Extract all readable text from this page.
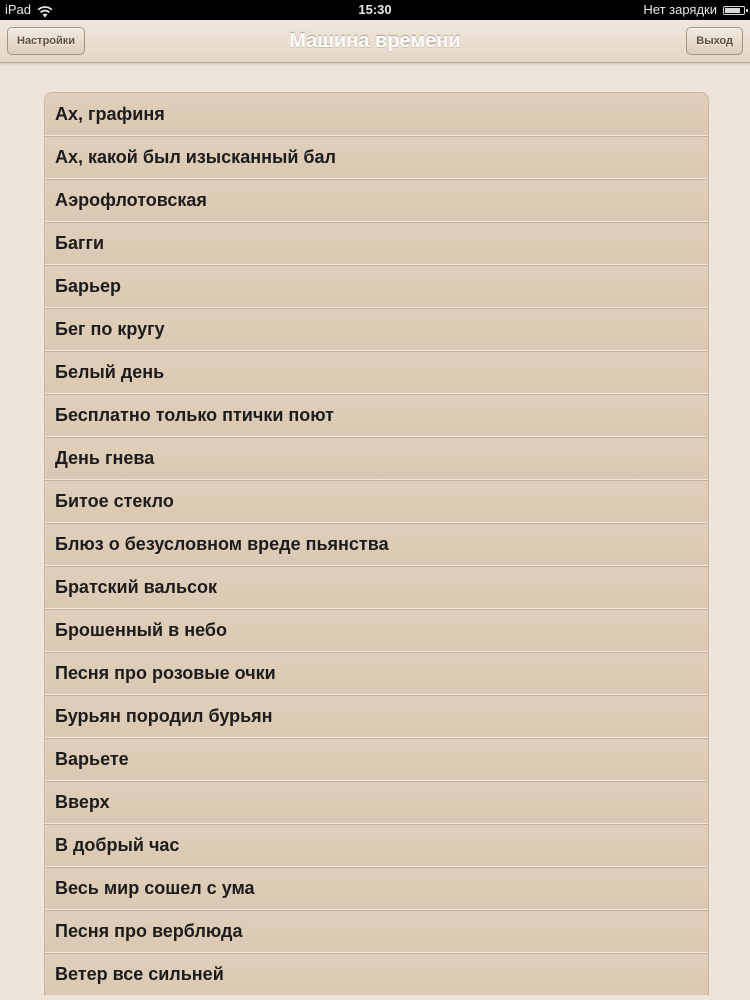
iPad	15:30	Нет зарядки
Настройки	Машина времени	Выход
Ах, графиня
Ах, какой был изысканный бал
Аэрофлотовская
Багги
Барьер
Бег по кругу
Белый день
Бесплатно только птички поют
День гнева
Битое стекло
Блюз о безусловном вреде пьянства
Братский вальсок
Брошенный в небо
Песня про розовые очки
Бурьян породил бурьян
Варьете
Вверх
В добрый час
Весь мир сошел с ума
Песня про верблюда
Ветер все сильней
